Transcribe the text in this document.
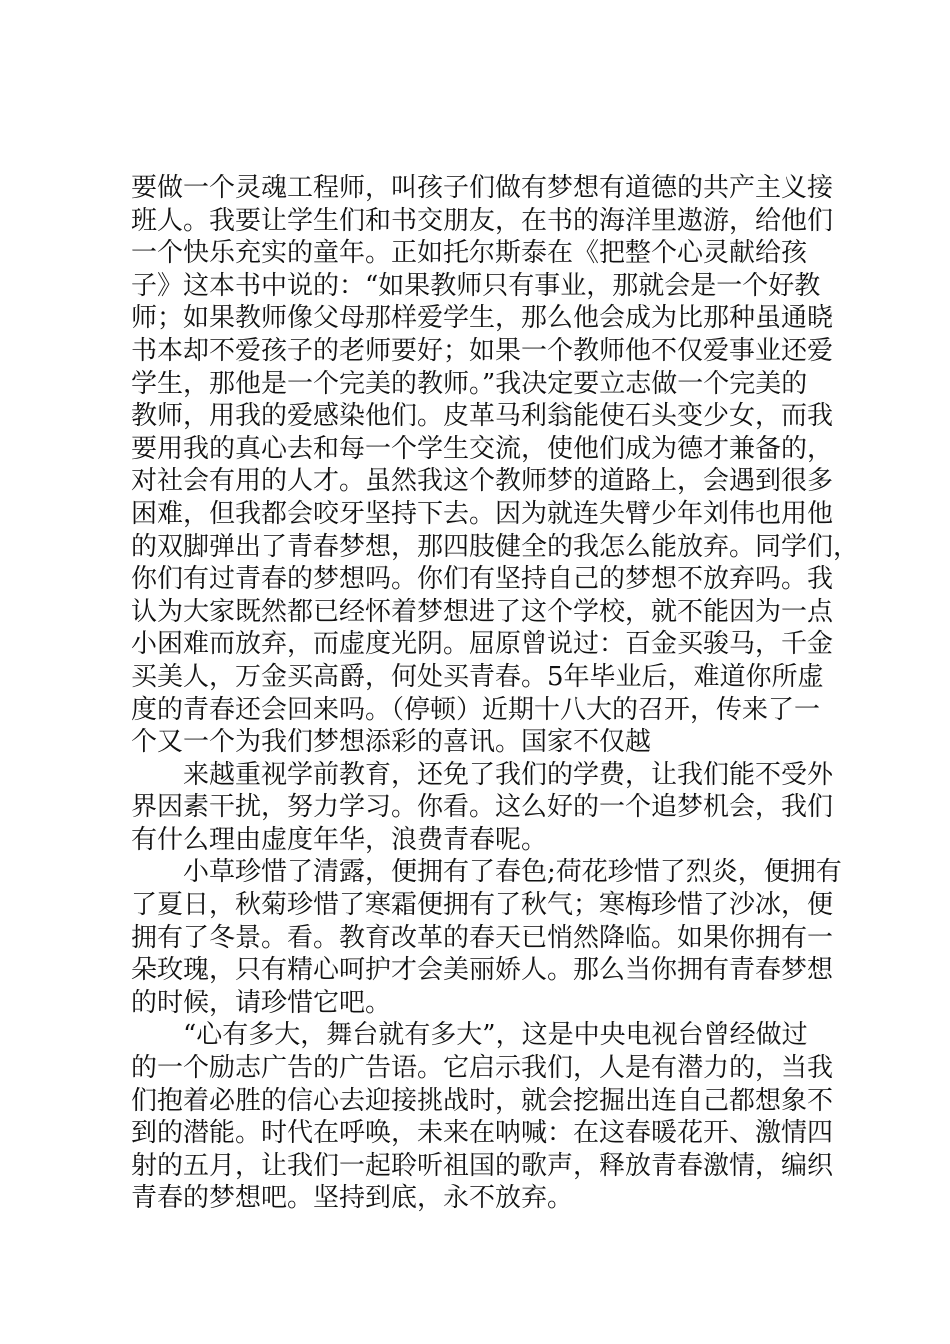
要做一个灵魂工程师，叫孩子们做有梦想有道德的共产主义接
班人。我要让学生们和书交朋友，在书的海洋里遨游，给他们
一个快乐充实的童年。正如托尔斯泰在《把整个心灵献给孩
子》这本书中说的：“如果教师只有事业，那就会是一个好教
师；如果教师像父母那样爱学生，那么他会成为比那种虽通晓
书本却不爱孩子的老师要好；如果一个教师他不仅爱事业还爱
学生，那他是一个完美的教师。”我决定要立志做一个完美的
教师，用我的爱感染他们。皮革马利翁能使石头变少女，而我
要用我的真心去和每一个学生交流，使他们成为德才兼备的，
对社会有用的人才。虽然我这个教师梦的道路上，会遇到很多
困难，但我都会咬牙坚持下去。因为就连失臂少年刘伟也用他
的双脚弹出了青春梦想，那四肢健全的我怎么能放弃。同学们，
你们有过青春的梦想吗。你们有坚持自己的梦想不放弃吗。我
认为大家既然都已经怀着梦想进了这个学校，就不能因为一点
小困难而放弃，而虚度光阴。屈原曾说过：百金买骏马，千金
买美人，万金买高爵，何处买青春。5年毕业后，难道你所虚
度的青春还会回来吗。（停顿）近期十八大的召开，传来了一
个又一个为我们梦想添彩的喜讯。国家不仅越
来越重视学前教育，还免了我们的学费，让我们能不受外
界因素干扰，努力学习。你看。这么好的一个追梦机会，我们
有什么理由虚度年华，浪费青春呢。
小草珍惜了清露，便拥有了春色;荷花珍惜了烈炎，便拥有
了夏日，秋菊珍惜了寒霜便拥有了秋气；寒梅珍惜了沙冰，便
拥有了冬景。看。教育改革的春天已悄然降临。如果你拥有一
朵玫瑰，只有精心呵护才会美丽娇人。那么当你拥有青春梦想
的时候，请珍惜它吧。
“心有多大，舞台就有多大”，这是中央电视台曾经做过
的一个励志广告的广告语。它启示我们，人是有潜力的，当我
们抱着必胜的信心去迎接挑战时，就会挖掘出连自己都想象不
到的潜能。时代在呼唤，未来在呐喊：在这春暖花开、激情四
射的五月，让我们一起聆听祖国的歌声，释放青春激情，编织
青春的梦想吧。坚持到底，永不放弃。
